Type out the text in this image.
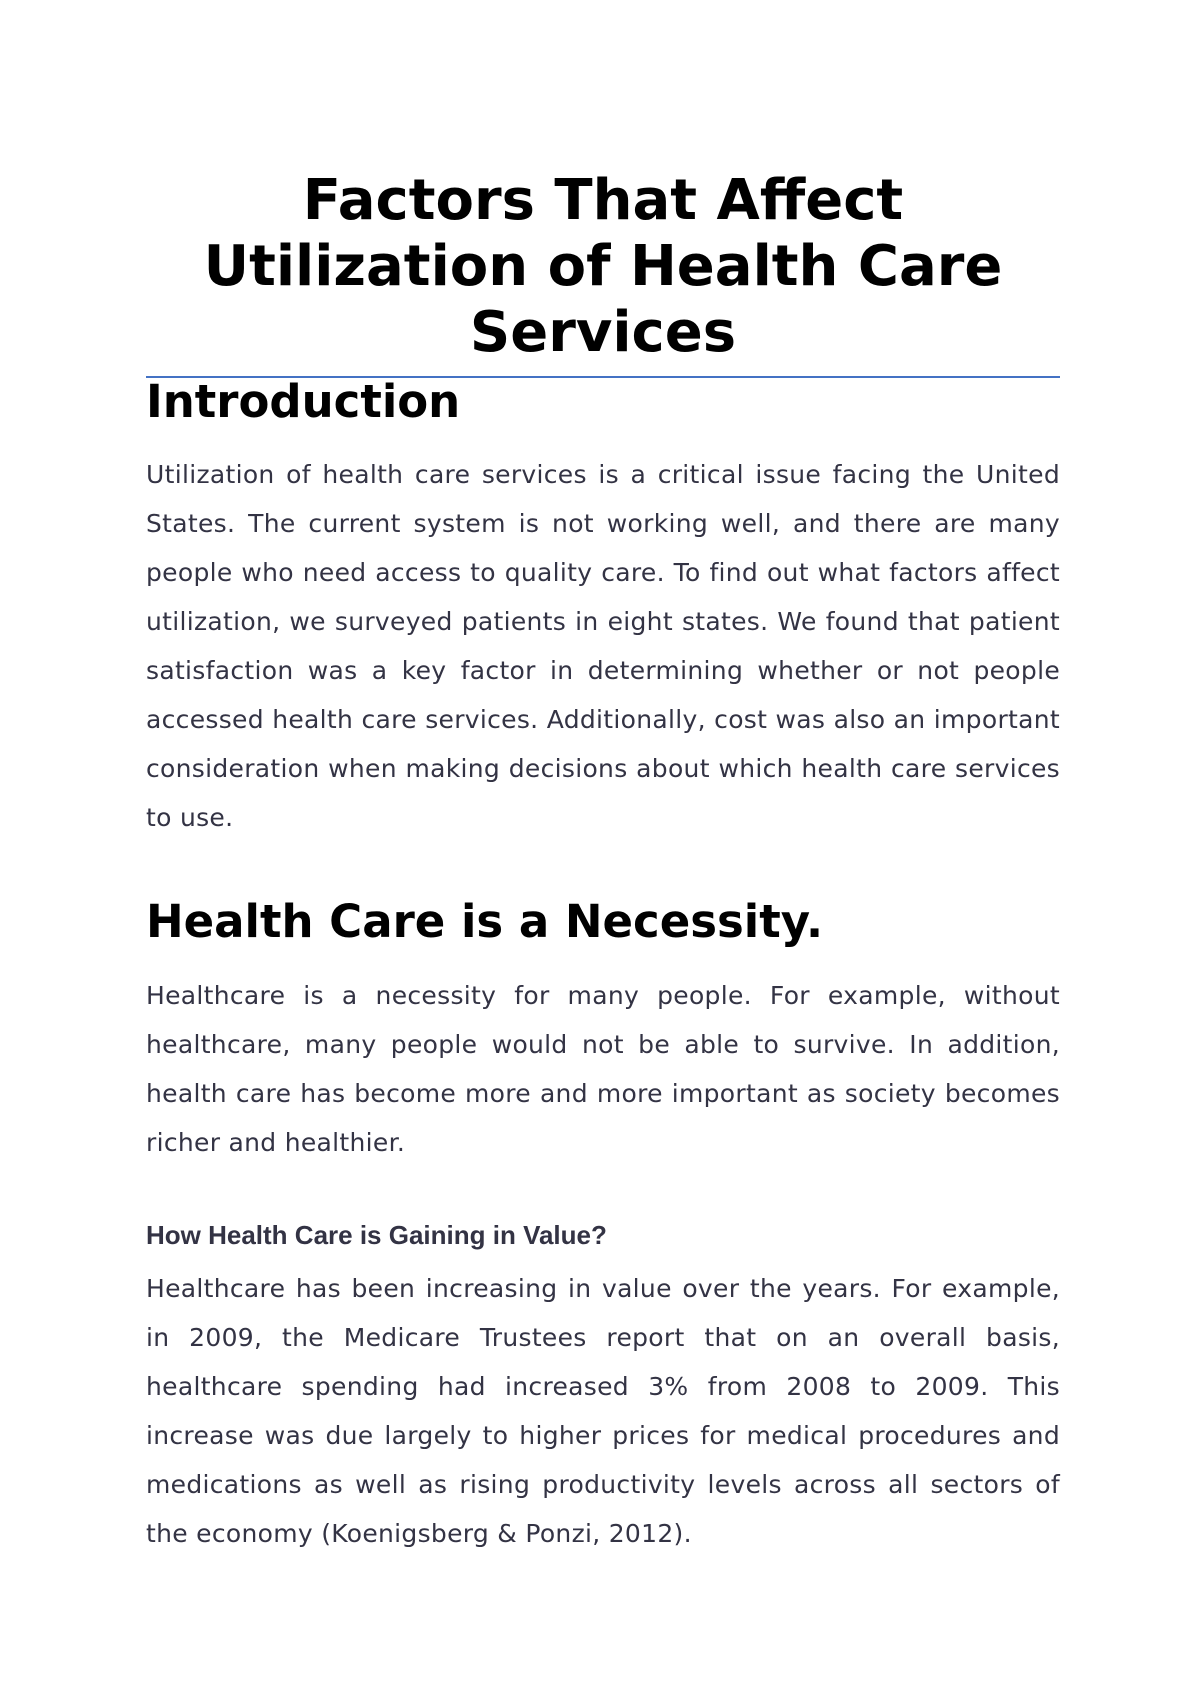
Factors That Affect Utilization of Health Care Services
Introduction

Utilization of health care services is a critical issue facing the United States. The current system is not working well, and there are many people who need access to quality care. To find out what factors affect utilization, we surveyed patients in eight states. We found that patient satisfaction was a key factor in determining whether or not people accessed health care services. Additionally, cost was also an important consideration when making decisions about which health care services to use.

Health Care is a Necessity.

Healthcare is a necessity for many people. For example, without healthcare, many people would not be able to survive. In addition, health care has become more and more important as society becomes richer and healthier.

How Health Care is Gaining in Value?

Healthcare has been increasing in value over the years. For example, in 2009, the Medicare Trustees report that on an overall basis, healthcare spending had increased 3% from 2008 to 2009. This increase was due largely to higher prices for medical procedures and medications as well as rising productivity levels across all sectors of the economy (Koenigsberg & Ponzi, 2012).
